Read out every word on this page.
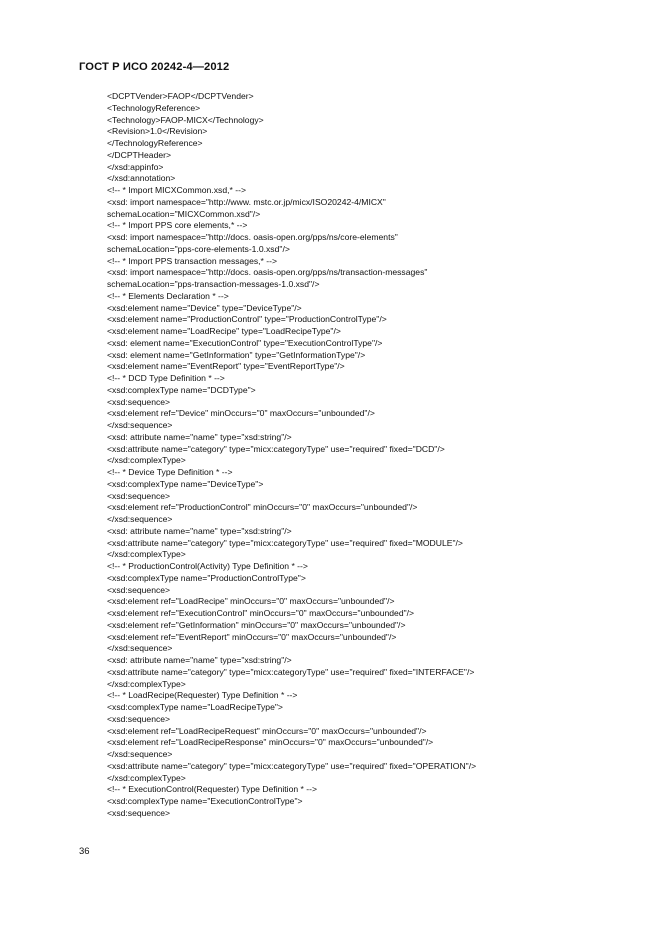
ГОСТ Р ИСО 20242-4—2012
<DCPTVender>FAOP</DCPTVender>
<TechnologyReference>
<Technology>FAOP-MICX</Technology>
<Revision>1.0</Revision>
</TechnologyReference>
</DCPTHeader>
</xsd:appinfo>
</xsd:annotation>
<!-- * Import MICXCommon.xsd,* -->
<xsd: import namespace="http://www. mstc.or.jp/micx/ISO20242-4/MICX"
schemaLocation="MICXCommon.xsd"/>
<!-- * Import PPS core elements,* -->
<xsd: import namespace="http://docs. oasis-open.org/pps/ns/core-elements"
schemaLocation="pps-core-elements-1.0.xsd"/>
<!-- * Import PPS transaction messages,* -->
<xsd: import namespace="http://docs. oasis-open.org/pps/ns/transaction-messages"
schemaLocation="pps-transaction-messages-1.0.xsd"/>
<!-- * Elements Declaration * -->
<xsd:element name="Device" type="DeviceType"/>
<xsd:element name="ProductionControl" type="ProductionControlType"/>
<xsd:element name="LoadRecipe" type="LoadRecipeType"/>
<xsd: element name="ExecutionControl" type="ExecutionControlType"/>
<xsd: element name="GetInformation" type="GetInformationType"/>
<xsd:element name="EventReport" type="EventReportType"/>
<!-- * DCD Type Definition * -->
<xsd:complexType name="DCDType">
<xsd:sequence>
<xsd:element ref="Device" minOccurs="0" maxOccurs="unbounded"/>
</xsd:sequence>
<xsd: attribute name="name" type="xsd:string"/>
<xsd:attribute name="category" type="micx:categoryType" use="required" fixed="DCD"/>
</xsd:complexType>
<!-- * Device Type Definition * -->
<xsd:complexType name="DeviceType">
<xsd:sequence>
<xsd:element ref="ProductionControl" minOccurs="0" maxOccurs="unbounded"/>
</xsd:sequence>
<xsd: attribute name="name" type="xsd:string"/>
<xsd:attribute name="category" type="micx:categoryType" use="required" fixed="MODULE"/>
</xsd:complexType>
<!-- * ProductionControl(Activity) Type Definition * -->
<xsd:complexType name="ProductionControlType">
<xsd:sequence>
<xsd:element ref="LoadRecipe" minOccurs="0" maxOccurs="unbounded"/>
<xsd:element ref="ExecutionControl" minOccurs="0" maxOccurs="unbounded"/>
<xsd:element ref="GetInformation" minOccurs="0" maxOccurs="unbounded"/>
<xsd:element ref="EventReport" minOccurs="0" maxOccurs="unbounded"/>
</xsd:sequence>
<xsd: attribute name="name" type="xsd:string"/>
<xsd:attribute name="category" type="micx:categoryType" use="required" fixed="INTERFACE"/>
</xsd:complexType>
<!-- * LoadRecipe(Requester) Type Definition * -->
<xsd:complexType name="LoadRecipeType">
<xsd:sequence>
<xsd:element ref="LoadRecipeRequest" minOccurs="0" maxOccurs="unbounded"/>
<xsd:element ref="LoadRecipeResponse" minOccurs="0" maxOccurs="unbounded"/>
</xsd:sequence>
<xsd:attribute name="category" type="micx:categoryType" use="required" fixed="OPERATION"/>
</xsd:complexType>
<!-- * ExecutionControl(Requester) Type Definition * -->
<xsd:complexType name="ExecutionControlType">
<xsd:sequence>
36
